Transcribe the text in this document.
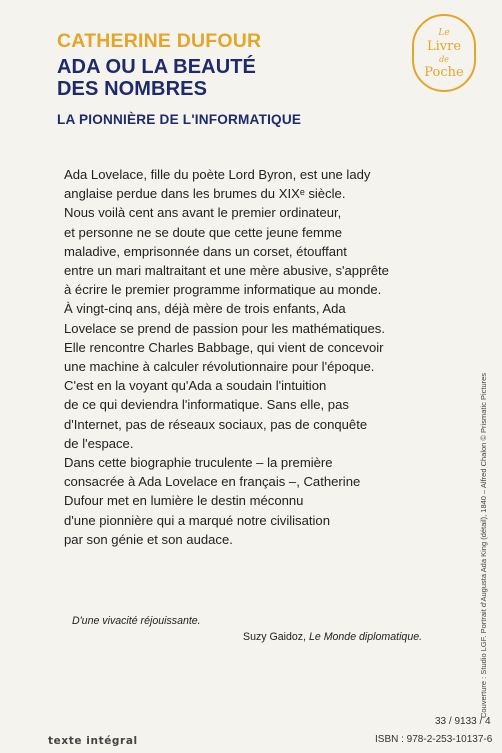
CATHERINE DUFOUR
ADA OU LA BEAUTÉ
DES NOMBRES
LA PIONNIÈRE DE L'INFORMATIQUE
Le
Livre
de
Poche
Ada Lovelace, fille du poète Lord Byron, est une lady
anglaise perdue dans les brumes du XIXᵉ siècle.
Nous voilà cent ans avant le premier ordinateur,
et personne ne se doute que cette jeune femme
maladive, emprisonnée dans un corset, étouffant
entre un mari maltraitant et une mère abusive, s'apprête
à écrire le premier programme informatique au monde.
À vingt-cinq ans, déjà mère de trois enfants, Ada
Lovelace se prend de passion pour les mathématiques.
Elle rencontre Charles Babbage, qui vient de concevoir
une machine à calculer révolutionnaire pour l'époque.
C'est en la voyant qu'Ada a soudain l'intuition
de ce qui deviendra l'informatique. Sans elle, pas
d'Internet, pas de réseaux sociaux, pas de conquête
de l'espace.
Dans cette biographie truculente – la première
consacrée à Ada Lovelace en français –, Catherine
Dufour met en lumière le destin méconnu
d'une pionnière qui a marqué notre civilisation
par son génie et son audace.
D'une vivacité réjouissante.
Suzy Gaidoz, Le Monde diplomatique.
texte intégral
33 / 9133 / 4
ISBN : 978-2-253-10137-6
Couverture : Studio LGF. Portrait d'Augusta Ada King (détail), 1840 – Alfred Chalon © Prismatic Pictures
